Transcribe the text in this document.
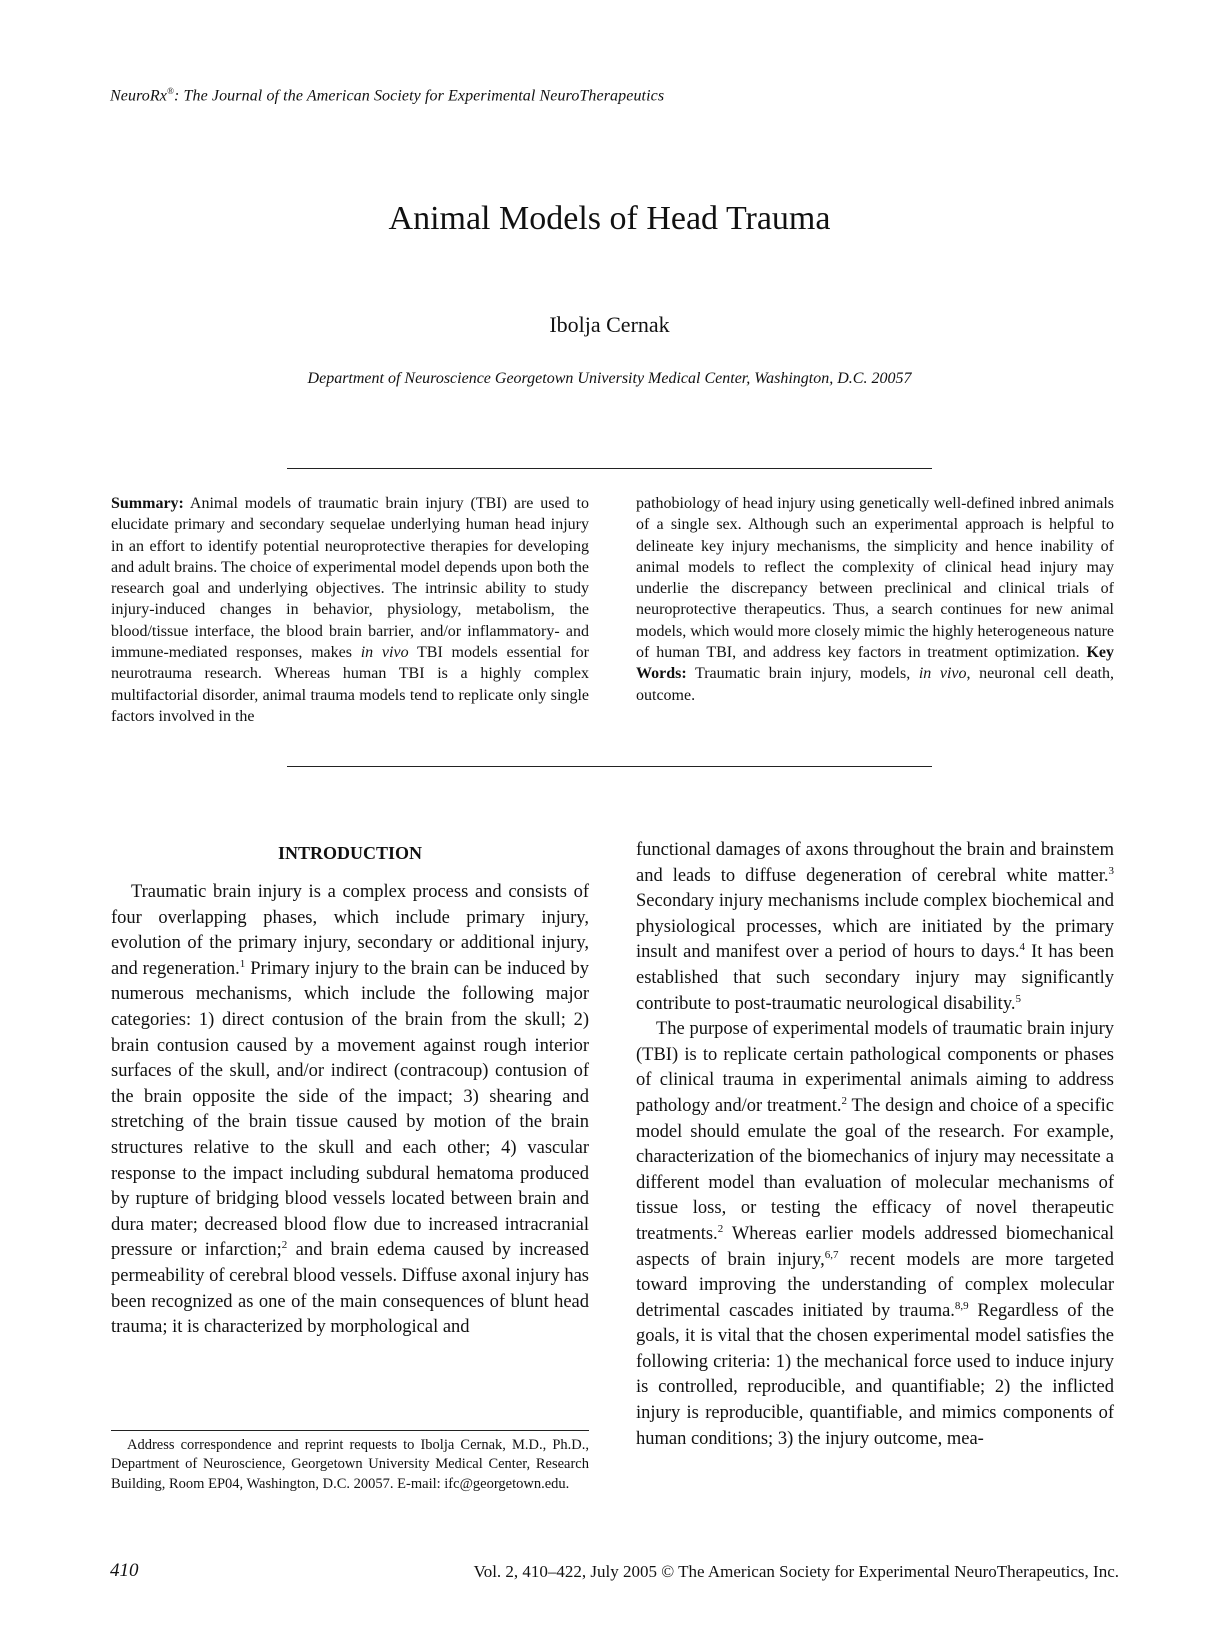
NeuroRx®: The Journal of the American Society for Experimental NeuroTherapeutics
Animal Models of Head Trauma
Ibolja Cernak
Department of Neuroscience Georgetown University Medical Center, Washington, D.C. 20057
Summary: Animal models of traumatic brain injury (TBI) are used to elucidate primary and secondary sequelae underlying human head injury in an effort to identify potential neuroprotective therapies for developing and adult brains. The choice of experimental model depends upon both the research goal and underlying objectives. The intrinsic ability to study injury-induced changes in behavior, physiology, metabolism, the blood/tissue interface, the blood brain barrier, and/or inflammatory- and immune-mediated responses, makes in vivo TBI models essential for neurotrauma research. Whereas human TBI is a highly complex multifactorial disorder, animal trauma models tend to replicate only single factors involved in the
pathobiology of head injury using genetically well-defined inbred animals of a single sex. Although such an experimental approach is helpful to delineate key injury mechanisms, the simplicity and hence inability of animal models to reflect the complexity of clinical head injury may underlie the discrepancy between preclinical and clinical trials of neuroprotective therapeutics. Thus, a search continues for new animal models, which would more closely mimic the highly heterogeneous nature of human TBI, and address key factors in treatment optimization. Key Words: Traumatic brain injury, models, in vivo, neuronal cell death, outcome.
INTRODUCTION

Traumatic brain injury is a complex process and consists of four overlapping phases, which include primary injury, evolution of the primary injury, secondary or additional injury, and regeneration.$^1$ Primary injury to the brain can be induced by numerous mechanisms, which include the following major categories: 1) direct contusion of the brain from the skull; 2) brain contusion caused by a movement against rough interior surfaces of the skull, and/or indirect (contracoup) contusion of the brain opposite the side of the impact; 3) shearing and stretching of the brain tissue caused by motion of the brain structures relative to the skull and each other; 4) vascular response to the impact including subdural hematoma produced by rupture of bridging blood vessels located between brain and dura mater; decreased blood flow due to increased intracranial pressure or infarction;$^2$ and brain edema caused by increased permeability of cerebral blood vessels. Diffuse axonal injury has been recognized as one of the main consequences of blunt head trauma; it is characterized by morphological and

functional damages of axons throughout the brain and brainstem and leads to diffuse degeneration of cerebral white matter.$^3$ Secondary injury mechanisms include complex biochemical and physiological processes, which are initiated by the primary insult and manifest over a period of hours to days.$^4$ It has been established that such secondary injury may significantly contribute to post-traumatic neurological disability.$^5$

The purpose of experimental models of traumatic brain injury (TBI) is to replicate certain pathological components or phases of clinical trauma in experimental animals aiming to address pathology and/or treatment.$^2$ The design and choice of a specific model should emulate the goal of the research. For example, characterization of the biomechanics of injury may necessitate a different model than evaluation of molecular mechanisms of tissue loss, or testing the efficacy of novel therapeutic treatments.$^2$ Whereas earlier models addressed biomechanical aspects of brain injury,$^{6,7}$ recent models are more targeted toward improving the understanding of complex molecular detrimental cascades initiated by trauma.$^{8,9}$ Regardless of the goals, it is vital that the chosen experimental model satisfies the following criteria: 1) the mechanical force used to induce injury is controlled, reproducible, and quantifiable; 2) the inflicted injury is reproducible, quantifiable, and mimics components of human conditions; 3) the injury outcome, mea-

Address correspondence and reprint requests to Ibolja Cernak, M.D., Ph.D., Department of Neuroscience, Georgetown University Medical Center, Research Building, Room EP04, Washington, D.C. 20057. E-mail: ifc@georgetown.edu.

410	Vol. 2, 410–422, July 2005 © The American Society for Experimental NeuroTherapeutics, Inc.
